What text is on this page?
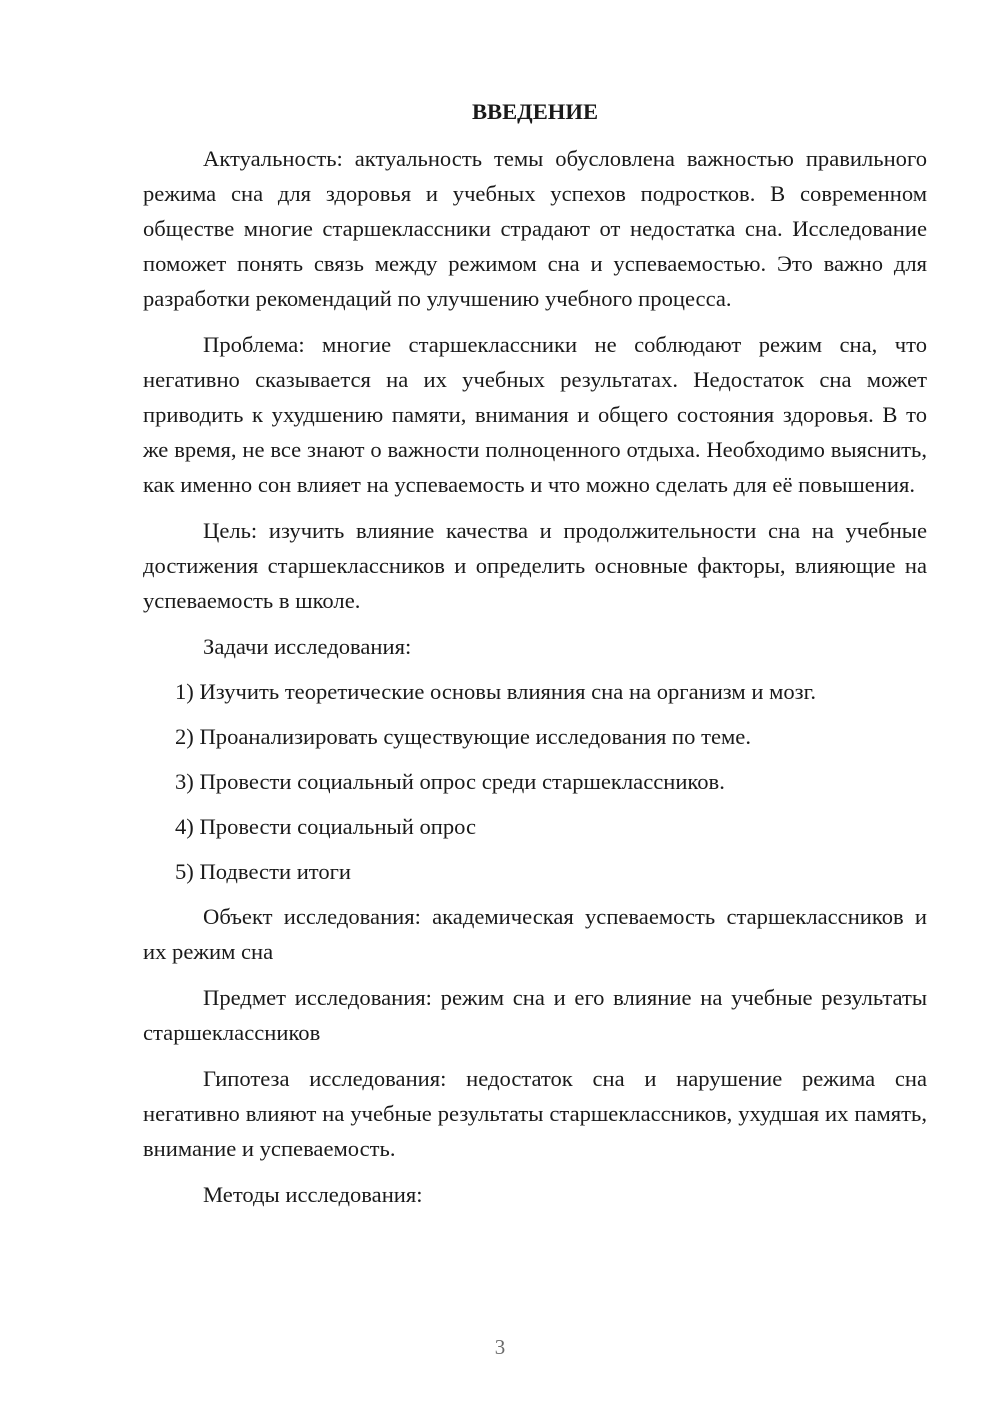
ВВЕДЕНИЕ

Актуальность: актуальность темы обусловлена важностью правильного режима сна для здоровья и учебных успехов подростков. В современном обществе многие старшеклассники страдают от недостатка сна. Исследование поможет понять связь между режимом сна и успеваемостью. Это важно для разработки рекомендаций по улучшению учебного процесса.

Проблема: многие старшеклассники не соблюдают режим сна, что негативно сказывается на их учебных результатах. Недостаток сна может приводить к ухудшению памяти, внимания и общего состояния здоровья. В то же время, не все знают о важности полноценного отдыха. Необходимо выяснить, как именно сон влияет на успеваемость и что можно сделать для её повышения.

Цель: изучить влияние качества и продолжительности сна на учебные достижения старшеклассников и определить основные факторы, влияющие на успеваемость в школе.

Задачи исследования:
1) Изучить теоретические основы влияния сна на организм и мозг.
2) Проанализировать существующие исследования по теме.
3) Провести социальный опрос среди старшеклассников.
4) Провести социальный опрос
5) Подвести итоги

Объект исследования: академическая успеваемость старшеклассников и их режим сна

Предмет исследования: режим сна и его влияние на учебные результаты старшеклассников

Гипотеза исследования: недостаток сна и нарушение режима сна негативно влияют на учебные результаты старшеклассников, ухудшая их память, внимание и успеваемость.

Методы исследования:
3
